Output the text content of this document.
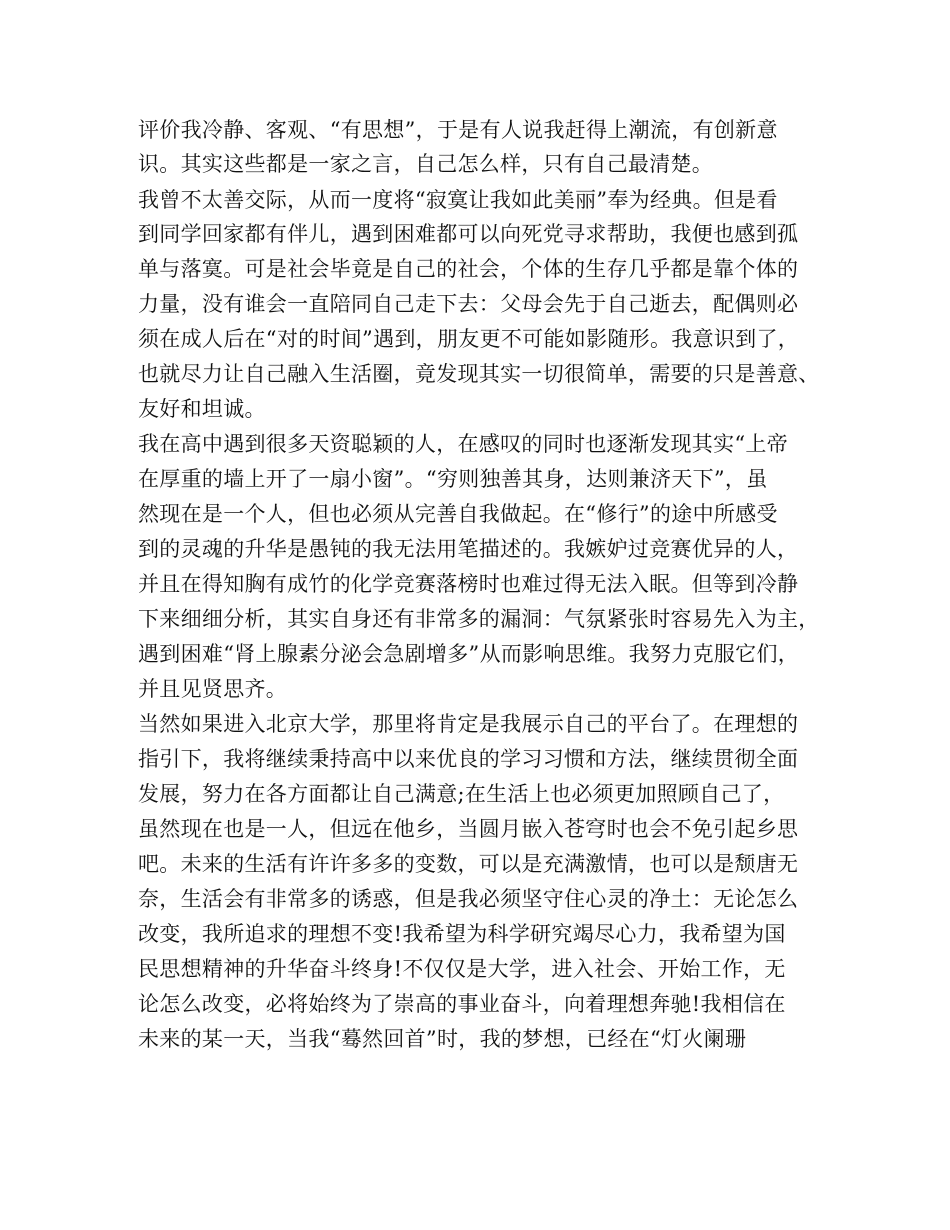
评价我冷静、客观、“有思想”，于是有人说我赶得上潮流，有创新意
识。其实这些都是一家之言，自己怎么样，只有自己最清楚。
我曾不太善交际，从而一度将“寂寞让我如此美丽”奉为经典。但是看
到同学回家都有伴儿，遇到困难都可以向死党寻求帮助，我便也感到孤
单与落寞。可是社会毕竟是自己的社会，个体的生存几乎都是靠个体的
力量，没有谁会一直陪同自己走下去：父母会先于自己逝去，配偶则必
须在成人后在“对的时间”遇到，朋友更不可能如影随形。我意识到了，
也就尽力让自己融入生活圈，竟发现其实一切很简单，需要的只是善意、
友好和坦诚。
我在高中遇到很多天资聪颖的人，在感叹的同时也逐渐发现其实“上帝
在厚重的墙上开了一扇小窗”。“穷则独善其身，达则兼济天下”，虽
然现在是一个人，但也必须从完善自我做起。在“修行”的途中所感受
到的灵魂的升华是愚钝的我无法用笔描述的。我嫉妒过竞赛优异的人，
并且在得知胸有成竹的化学竞赛落榜时也难过得无法入眠。但等到冷静
下来细细分析，其实自身还有非常多的漏洞：气氛紧张时容易先入为主，
遇到困难“肾上腺素分泌会急剧增多”从而影响思维。我努力克服它们，
并且见贤思齐。
当然如果进入北京大学，那里将肯定是我展示自己的平台了。在理想的
指引下，我将继续秉持高中以来优良的学习习惯和方法，继续贯彻全面
发展，努力在各方面都让自己满意;在生活上也必须更加照顾自己了，
虽然现在也是一人，但远在他乡，当圆月嵌入苍穹时也会不免引起乡思
吧。未来的生活有许许多多的变数，可以是充满激情，也可以是颓唐无
奈，生活会有非常多的诱惑，但是我必须坚守住心灵的净土：无论怎么
改变，我所追求的理想不变!我希望为科学研究竭尽心力，我希望为国
民思想精神的升华奋斗终身!不仅仅是大学，进入社会、开始工作，无
论怎么改变，必将始终为了崇高的事业奋斗，向着理想奔驰!我相信在
未来的某一天，当我“蓦然回首”时，我的梦想，已经在“灯火阑珊
